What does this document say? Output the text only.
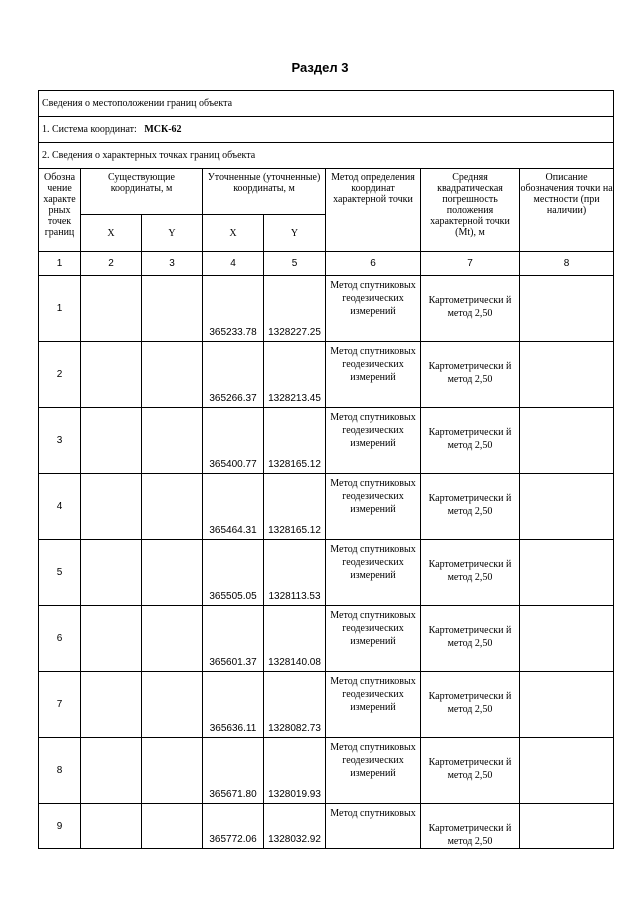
Раздел 3
Сведения о местоположении границ объекта							
1. Система координат: МСК-62							
2. Сведения о характерных точках границ объекта							
Обозна чение характе рных точек границ	Существующие координаты, м		Уточненные (уточненные) координаты, м		Метод определения координат характерной точки	Средняя квадратическая погрешность положения характерной точки (Mt), м	Описание обозначения точки на местности (при наличии)
	X	Y	X	Y			
1	2	3	4	5	6	7	8
1			365233.78	1328227.25	Метод спутниковых геодезических измерений	Картометрически й метод 2,50	
2			365266.37	1328213.45	Метод спутниковых геодезических измерений	Картометрически й метод 2,50	
3			365400.77	1328165.12	Метод спутниковых геодезических измерений	Картометрически й метод 2,50	
4			365464.31	1328165.12	Метод спутниковых геодезических измерений	Картометрически й метод 2,50	
5			365505.05	1328113.53	Метод спутниковых геодезических измерений	Картометрически й метод 2,50	
6			365601.37	1328140.08	Метод спутниковых геодезических измерений	Картометрически й метод 2,50	
7			365636.11	1328082.73	Метод спутниковых геодезических измерений	Картометрически й метод 2,50	
8			365671.80	1328019.93	Метод спутниковых геодезических измерений	Картометрически й метод 2,50	
9			365772.06	1328032.92	Метод спутниковых	Картометрически й метод 2,50	
